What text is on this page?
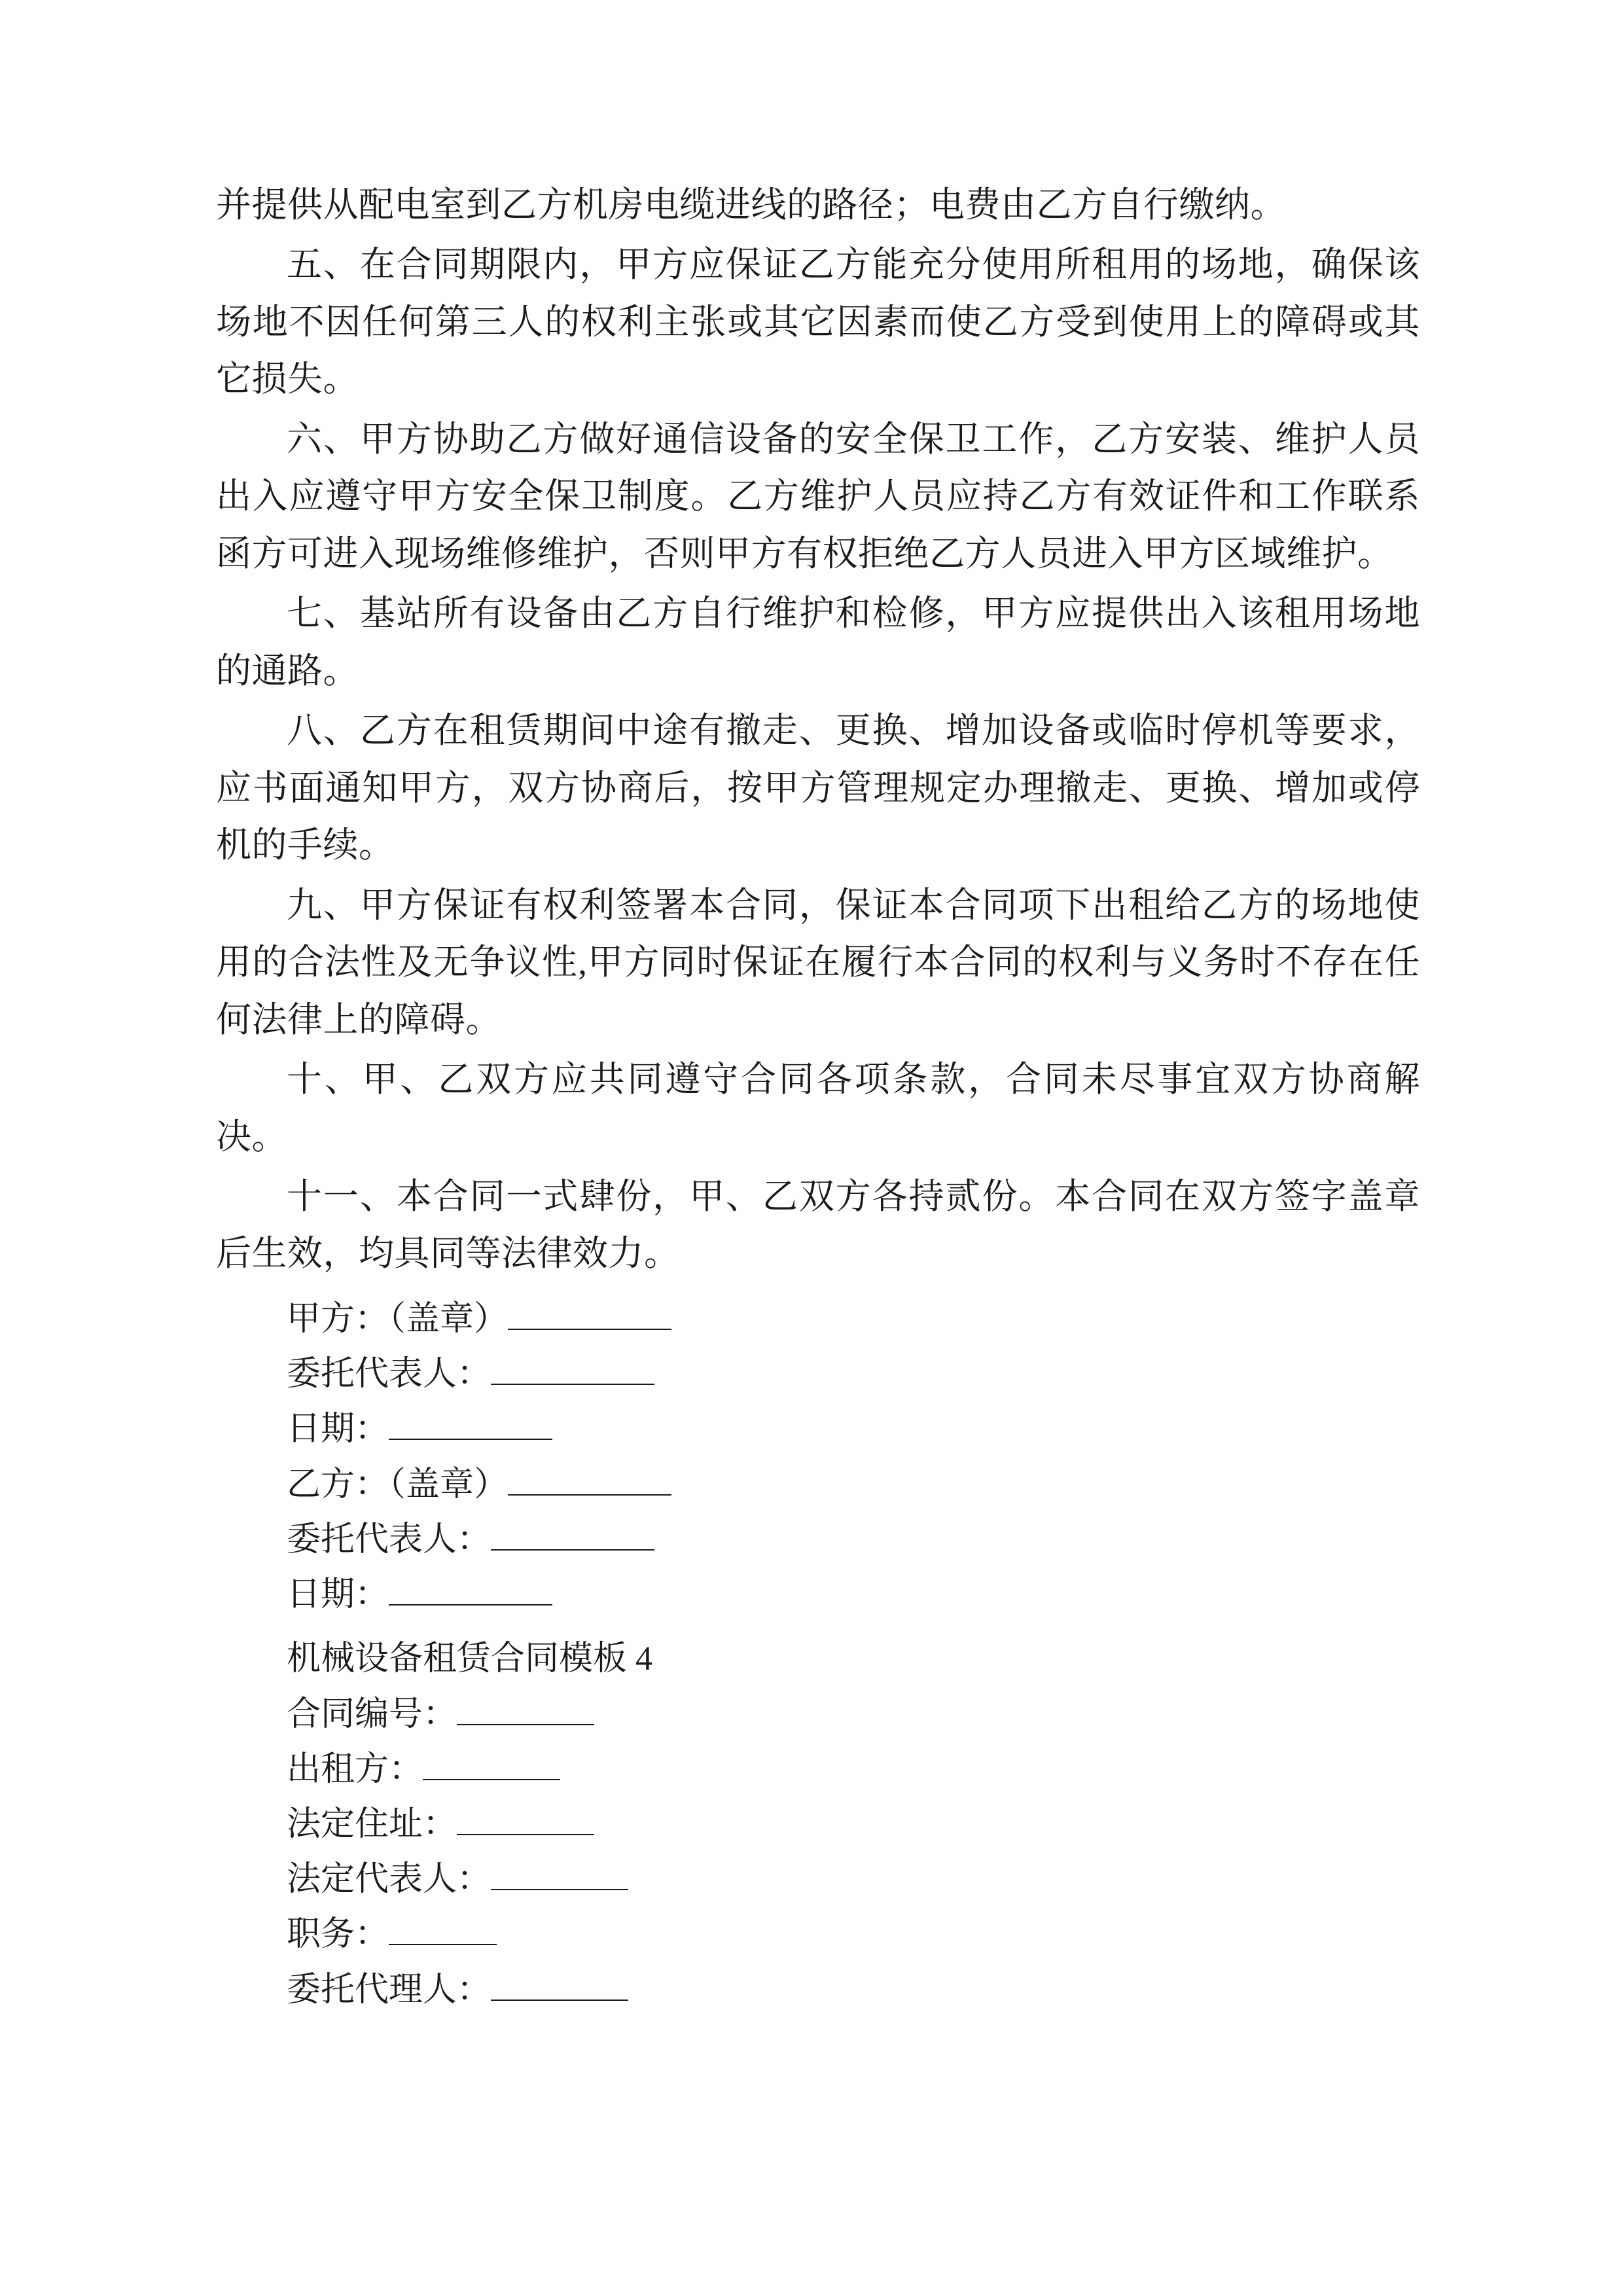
并提供从配电室到乙方机房电缆进线的路径；电费由乙方自行缴纳。

五、在合同期限内，甲方应保证乙方能充分使用所租用的场地，确保该场地不因任何第三人的权利主张或其它因素而使乙方受到使用上的障碍或其它损失。

六、甲方协助乙方做好通信设备的安全保卫工作，乙方安装、维护人员出入应遵守甲方安全保卫制度。乙方维护人员应持乙方有效证件和工作联系函方可进入现场维修维护，否则甲方有权拒绝乙方人员进入甲方区域维护。

七、基站所有设备由乙方自行维护和检修，甲方应提供出入该租用场地的通路。

八、乙方在租赁期间中途有撤走、更换、增加设备或临时停机等要求，应书面通知甲方，双方协商后，按甲方管理规定办理撤走、更换、增加或停机的手续。

九、甲方保证有权利签署本合同，保证本合同项下出租给乙方的场地使用的合法性及无争议性,甲方同时保证在履行本合同的权利与义务时不存在任何法律上的障碍。

十、甲、乙双方应共同遵守合同各项条款，合同未尽事宜双方协商解决。

十一、本合同一式肆份，甲、乙双方各持贰份。本合同在双方签字盖章后生效，均具同等法律效力。

甲方：（盖章）

委托代表人：

日期：

乙方：（盖章）

委托代表人：

日期：

机械设备租赁合同模板 4

合同编号：

出租方：

法定住址：

法定代表人：

职务：

委托代理人：
